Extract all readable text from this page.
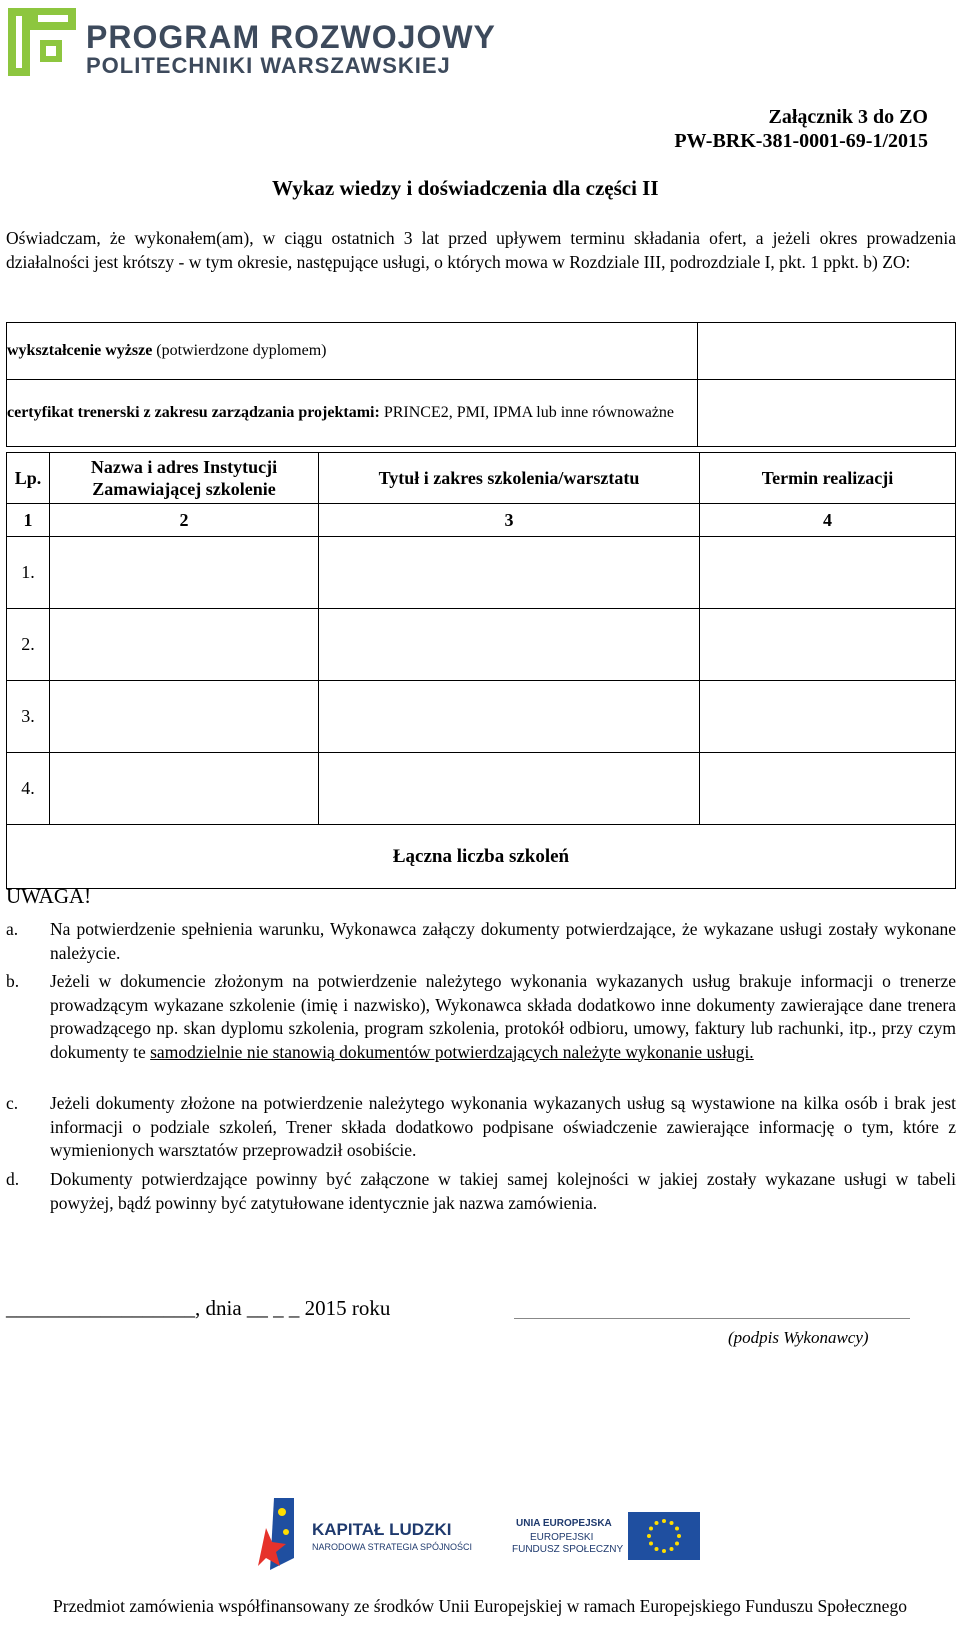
PROGRAM ROZWOJOWY
POLITECHNIKI WARSZAWSKIEJ
Załącznik 3 do ZO
PW-BRK-381-0001-69-1/2015
Wykaz wiedzy i doświadczenia dla części II
Oświadczam, że wykonałem(am), w ciągu ostatnich 3 lat przed upływem terminu składania ofert, a jeżeli okres prowadzenia działalności jest krótszy - w tym okresie, następujące usługi, o których mowa w Rozdziale III, podrozdziale I, pkt. 1 ppkt. b) ZO:
wykształcenie wyższe (potwierdzone dyplomem)	
certyfikat trenerski z zakresu zarządzania projektami: PRINCE2, PMI, IPMA lub inne równoważne	
Lp.	Nazwa i adres Instytucji Zamawiającej szkolenie	Tytuł i zakres szkolenia/warsztatu	Termin realizacji
1	2	3	4
1.			
2.			
3.			
4.			
Łączna liczba szkoleń			
UWAGA!
a.	Na potwierdzenie spełnienia warunku, Wykonawca załączy dokumenty potwierdzające, że wykazane usługi zostały wykonane należycie.
b.	Jeżeli w dokumencie złożonym na potwierdzenie należytego wykonania wykazanych usług brakuje informacji o trenerze prowadzącym wykazane szkolenie (imię i nazwisko), Wykonawca składa dodatkowo inne dokumenty zawierające dane trenera prowadzącego np. skan dyplomu szkolenia, program szkolenia, protokół odbioru, umowy, faktury lub rachunki, itp., przy czym dokumenty te samodzielnie nie stanowią dokumentów potwierdzających należyte wykonanie usługi.
c.	Jeżeli dokumenty złożone na potwierdzenie należytego wykonania wykazanych usług są wystawione na kilka osób i brak jest informacji o podziale szkoleń, Trener składa dodatkowo podpisane oświadczenie zawierające informację o tym, które z wymienionych warsztatów przeprowadził osobiście.
d.	Dokumenty potwierdzające powinny być załączone w takiej samej kolejności w jakiej zostały wykazane usługi w tabeli powyżej, bądź powinny być zatytułowane identycznie jak nazwa zamówienia.
__________________, dnia __ _ _ 2015 roku
(podpis Wykonawcy)
KAPITAŁ LUDZKI
NARODOWA STRATEGIA SPÓJNOŚCI
UNIA EUROPEJSKA
EUROPEJSKI
FUNDUSZ SPOŁECZNY
Przedmiot zamówienia współfinansowany ze środków Unii Europejskiej w ramach Europejskiego Funduszu Społecznego
